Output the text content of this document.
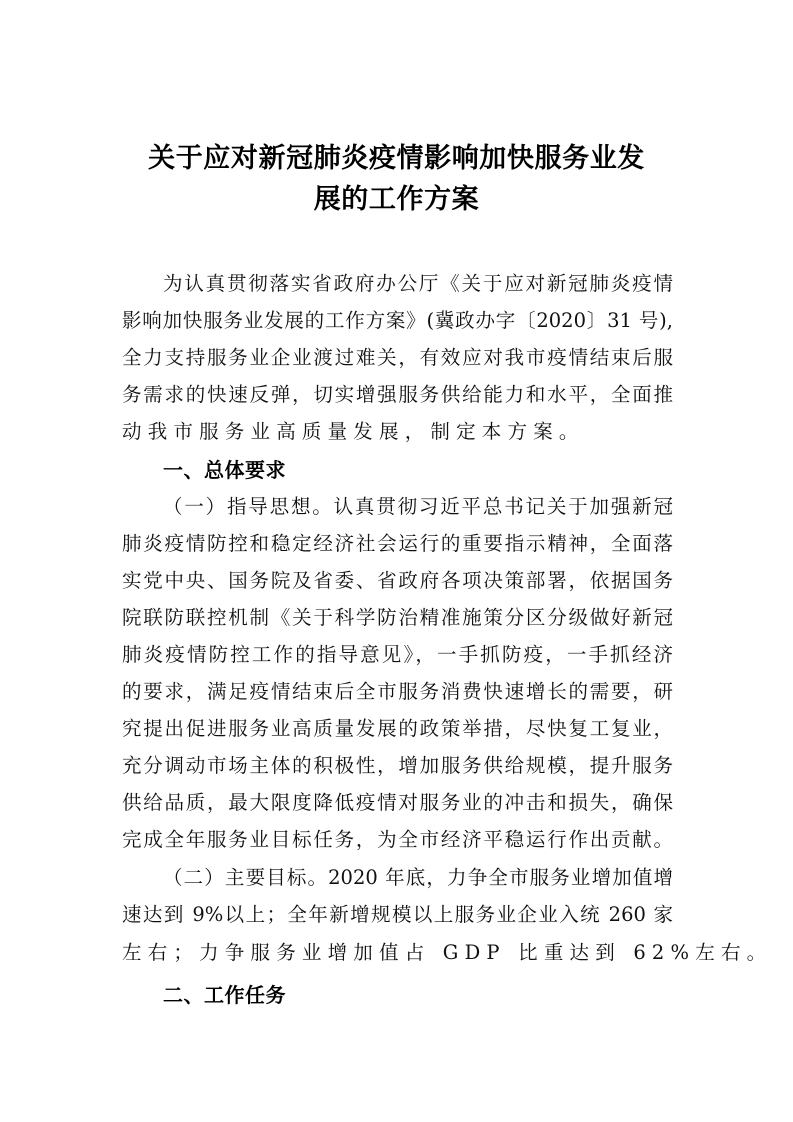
关于应对新冠肺炎疫情影响加快服务业发
展的工作方案
为认真贯彻落实省政府办公厅《关于应对新冠肺炎疫情
影响加快服务业发展的工作方案》(冀政办字〔2020〕31 号),
全力支持服务业企业渡过难关，有效应对我市疫情结束后服
务需求的快速反弹，切实增强服务供给能力和水平，全面推
动我市服务业高质量发展，制定本方案。
一、总体要求
（一）指导思想。认真贯彻习近平总书记关于加强新冠
肺炎疫情防控和稳定经济社会运行的重要指示精神，全面落
实党中央、国务院及省委、省政府各项决策部署，依据国务
院联防联控机制《关于科学防治精准施策分区分级做好新冠
肺炎疫情防控工作的指导意见》，一手抓防疫，一手抓经济
的要求，满足疫情结束后全市服务消费快速增长的需要，研
究提出促进服务业高质量发展的政策举措，尽快复工复业，
充分调动市场主体的积极性，增加服务供给规模，提升服务
供给品质，最大限度降低疫情对服务业的冲击和损失，确保
完成全年服务业目标任务，为全市经济平稳运行作出贡献。
（二）主要目标。2020 年底，力争全市服务业增加值增
速达到 9%以上；全年新增规模以上服务业企业入统 260 家
左右；力争服务业增加值占 GDP 比重达到 62%左右。
二、工作任务
